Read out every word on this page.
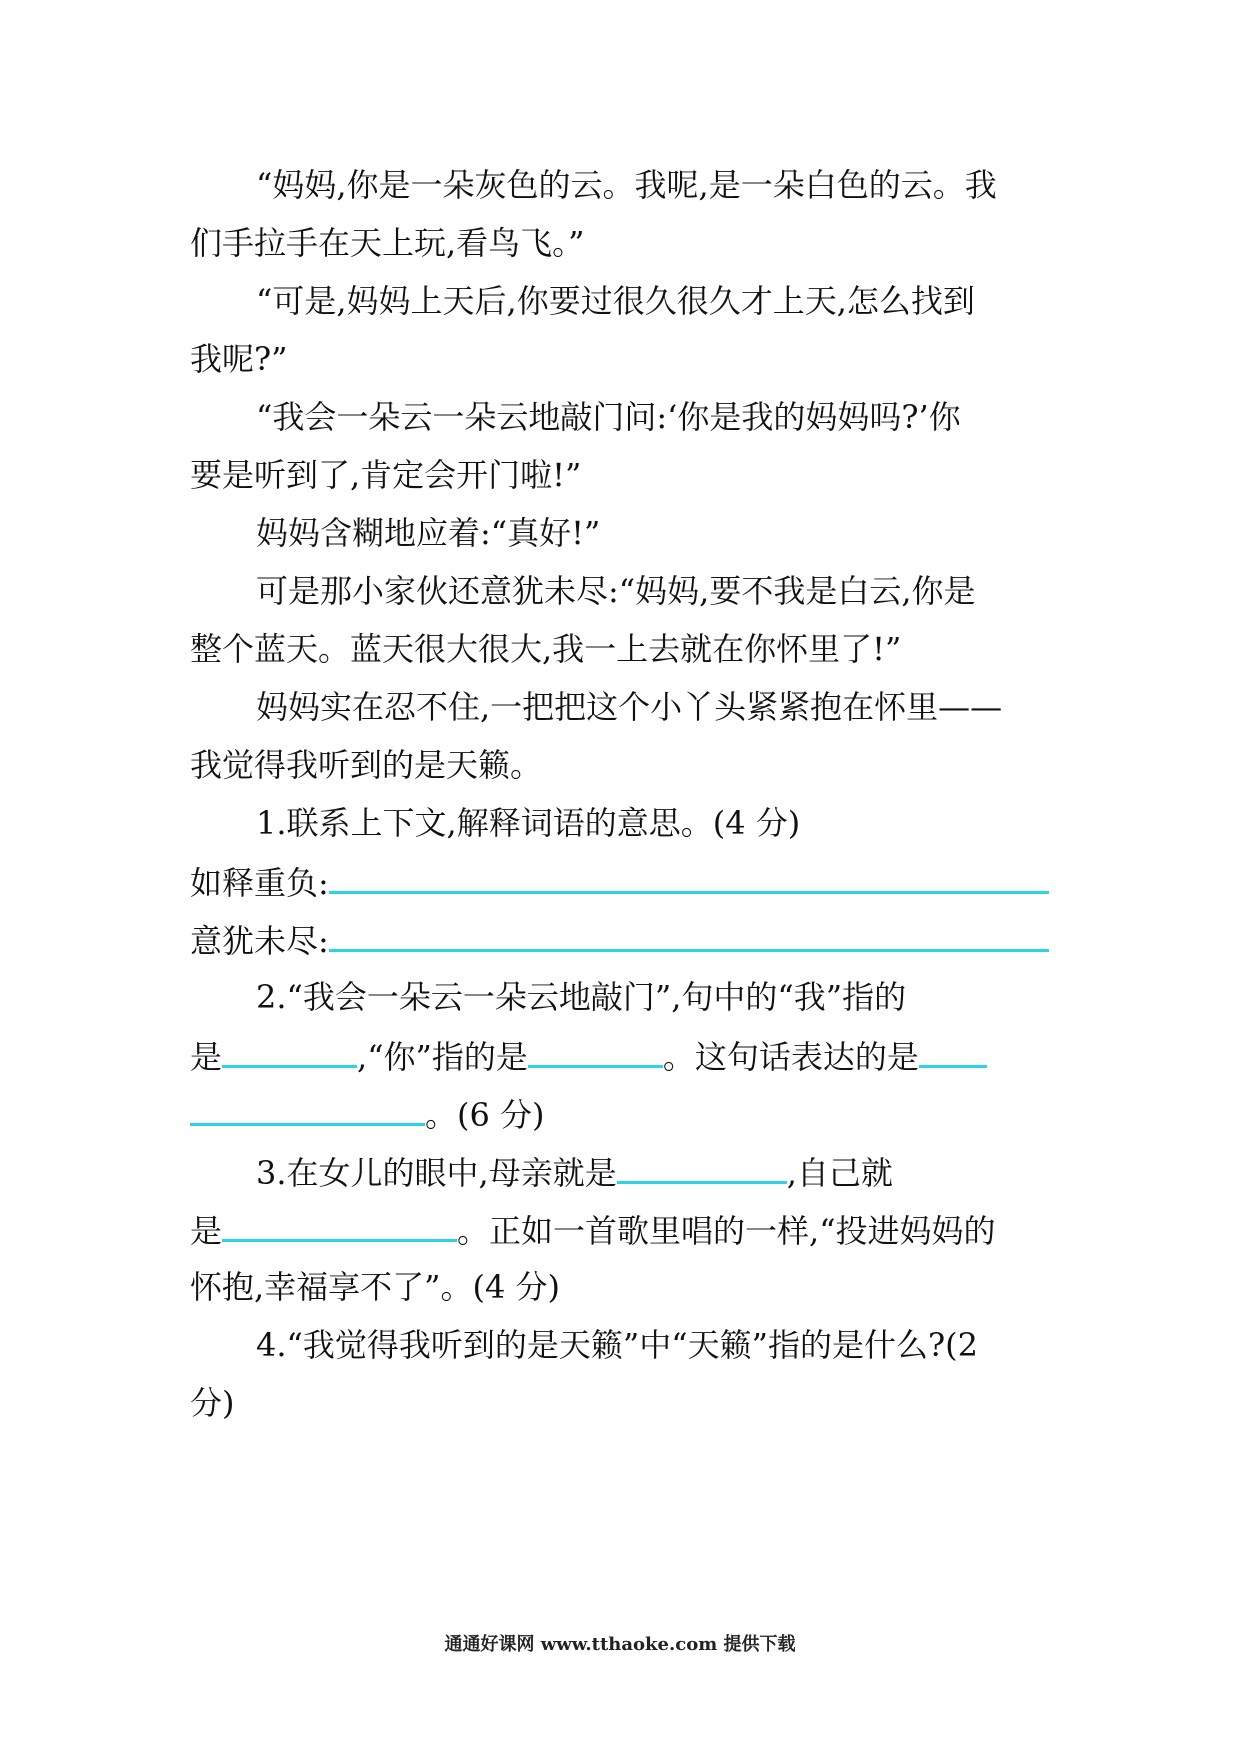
“妈妈,你是一朵灰色的云。我呢,是一朵白色的云。我
们手拉手在天上玩,看鸟飞。”
“可是,妈妈上天后,你要过很久很久才上天,怎么找到
我呢?”
“我会一朵云一朵云地敲门问:‘你是我的妈妈吗?’你
要是听到了,肯定会开门啦!”
妈妈含糊地应着:“真好!”
可是那小家伙还意犹未尽:“妈妈,要不我是白云,你是
整个蓝天。蓝天很大很大,我一上去就在你怀里了!”
妈妈实在忍不住,一把把这个小丫头紧紧抱在怀里——
我觉得我听到的是天籁。
1.联系上下文,解释词语的意思。(4 分)
如释重负:
意犹未尽:
2.“我会一朵云一朵云地敲门”,句中的“我”指的
是	,“你”指的是	。这句话表达的是
。(6 分)
3.在女儿的眼中,母亲就是	,自己就
是	。正如一首歌里唱的一样,“投进妈妈的
怀抱,幸福享不了”。(4 分)
4.“我觉得我听到的是天籁”中“天籁”指的是什么?(2
分)
通通好课网 www.tthaoke.com 提供下载
